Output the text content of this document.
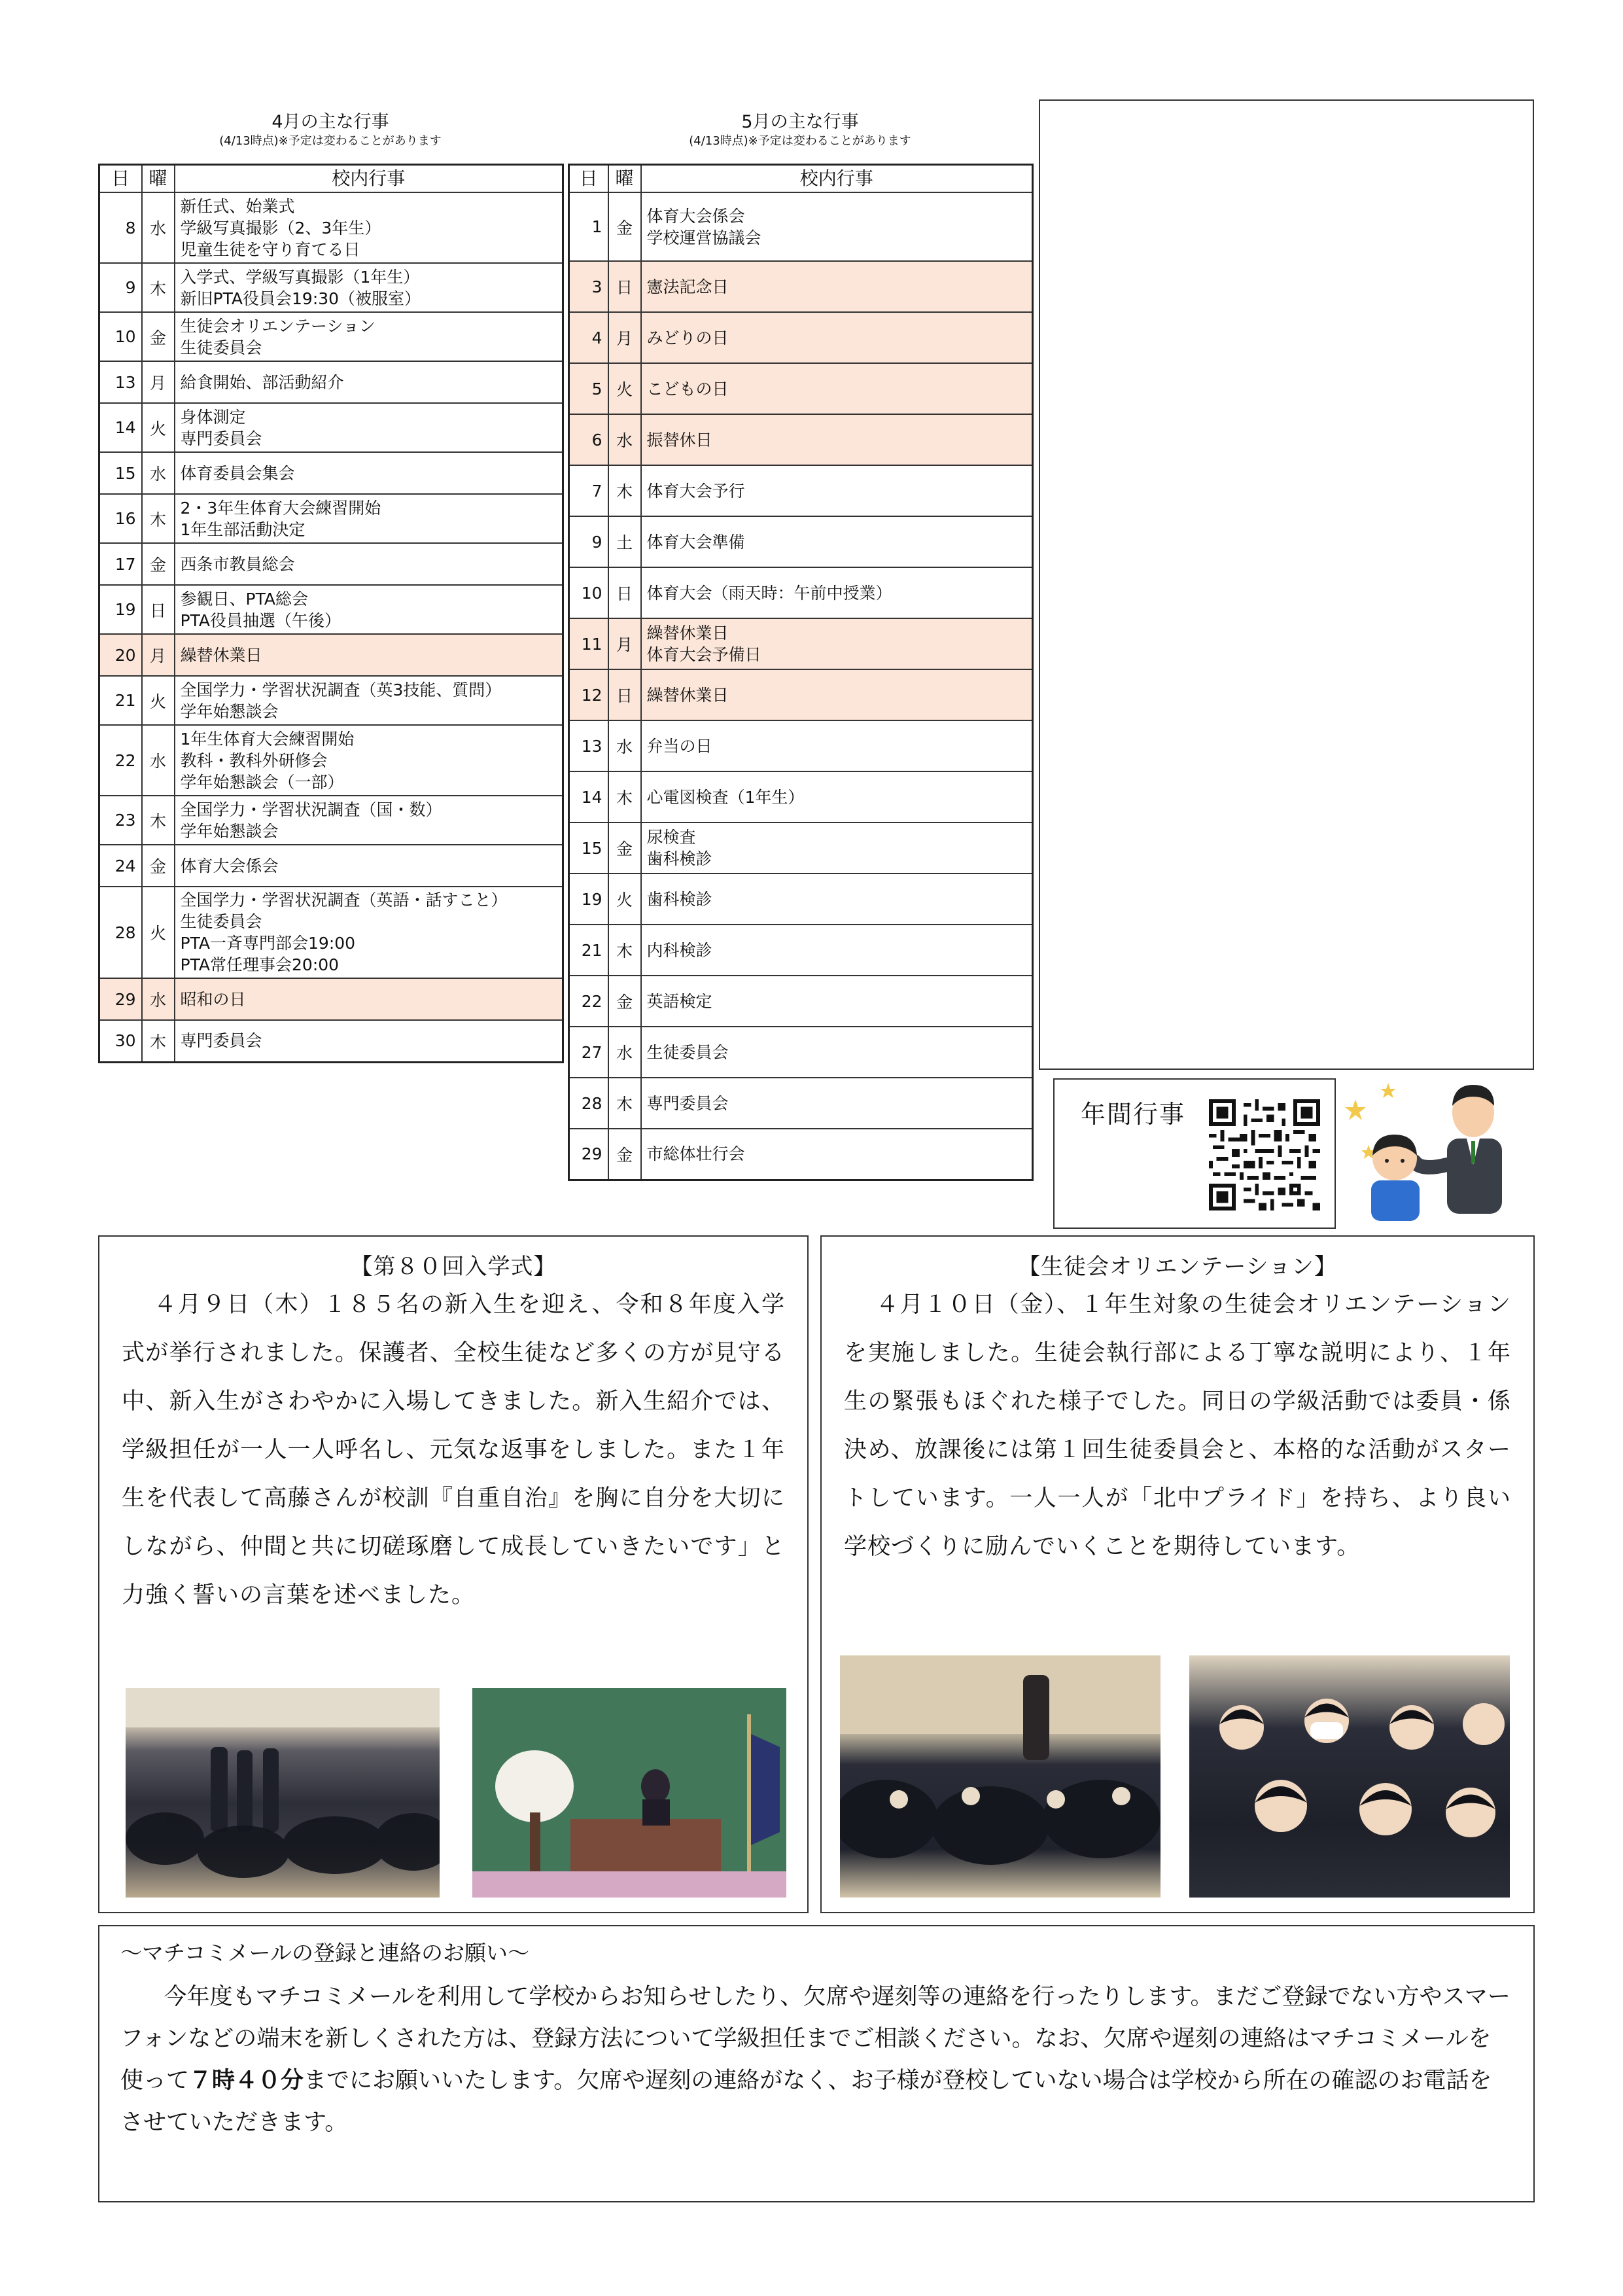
4月の主な行事
(4/13時点)※予定は変わることがあります
日	曜	校内行事
8	水	新任式、始業式
学級写真撮影（2、3年生）
児童生徒を守り育てる日
9	木	入学式、学級写真撮影（1年生）
新旧PTA役員会19:30（被服室）
10	金	生徒会オリエンテーション
生徒委員会
13	月	給食開始、部活動紹介
14	火	身体測定
専門委員会
15	水	体育委員会集会
16	木	2・3年生体育大会練習開始
1年生部活動決定
17	金	西条市教員総会
19	日	参観日、PTA総会
PTA役員抽選（午後）
20	月	繰替休業日
21	火	全国学力・学習状況調査（英3技能、質問）
学年始懇談会
22	水	1年生体育大会練習開始
教科・教科外研修会
学年始懇談会（一部）
23	木	全国学力・学習状況調査（国・数）
学年始懇談会
24	金	体育大会係会
28	火	全国学力・学習状況調査（英語・話すこと）
生徒委員会
PTA一斉専門部会19:00
PTA常任理事会20:00
29	水	昭和の日
30	木	専門委員会
5月の主な行事
(4/13時点)※予定は変わることがあります
日	曜	校内行事
1	金	体育大会係会
学校運営協議会
3	日	憲法記念日
4	月	みどりの日
5	火	こどもの日
6	水	振替休日
7	木	体育大会予行
9	土	体育大会準備
10	日	体育大会（雨天時：午前中授業）
11	月	繰替休業日
体育大会予備日
12	日	繰替休業日
13	水	弁当の日
14	木	心電図検査（1年生）
15	金	尿検査
歯科検診
19	火	歯科検診
21	木	内科検診
22	金	英語検定
27	水	生徒委員会
28	木	専門委員会
29	金	市総体壮行会
年間行事
【第８０回入学式】
４月９日（木）１８５名の新入生を迎え、令和８年度入学式が挙行されました。保護者、全校生徒など多くの方が見守る中、新入生がさわやかに入場してきました。新入生紹介では、学級担任が一人一人呼名し、元気な返事をしました。また１年生を代表して高藤さんが校訓『自重自治』を胸に自分を大切にしながら、仲間と共に切磋琢磨して成長していきたいです」と力強く誓いの言葉を述べました。
【生徒会オリエンテーション】
４月１０日（金）、１年生対象の生徒会オリエンテーションを実施しました。生徒会執行部による丁寧な説明により、１年生の緊張もほぐれた様子でした。同日の学級活動では委員・係決め、放課後には第１回生徒委員会と、本格的な活動がスタートしています。一人一人が「北中プライド」を持ち、より良い学校づくりに励んでいくことを期待しています。
～マチコミメールの登録と連絡のお願い～
今年度もマチコミメールを利用して学校からお知らせしたり、欠席や遅刻等の連絡を行ったりします。まだご登録でない方やスマーフォンなどの端末を新しくされた方は、登録方法について学級担任までご相談ください。なお、欠席や遅刻の連絡はマチコミメールを使って７時４０分までにお願いいたします。欠席や遅刻の連絡がなく、お子様が登校していない場合は学校から所在の確認のお電話をさせていただきます。
